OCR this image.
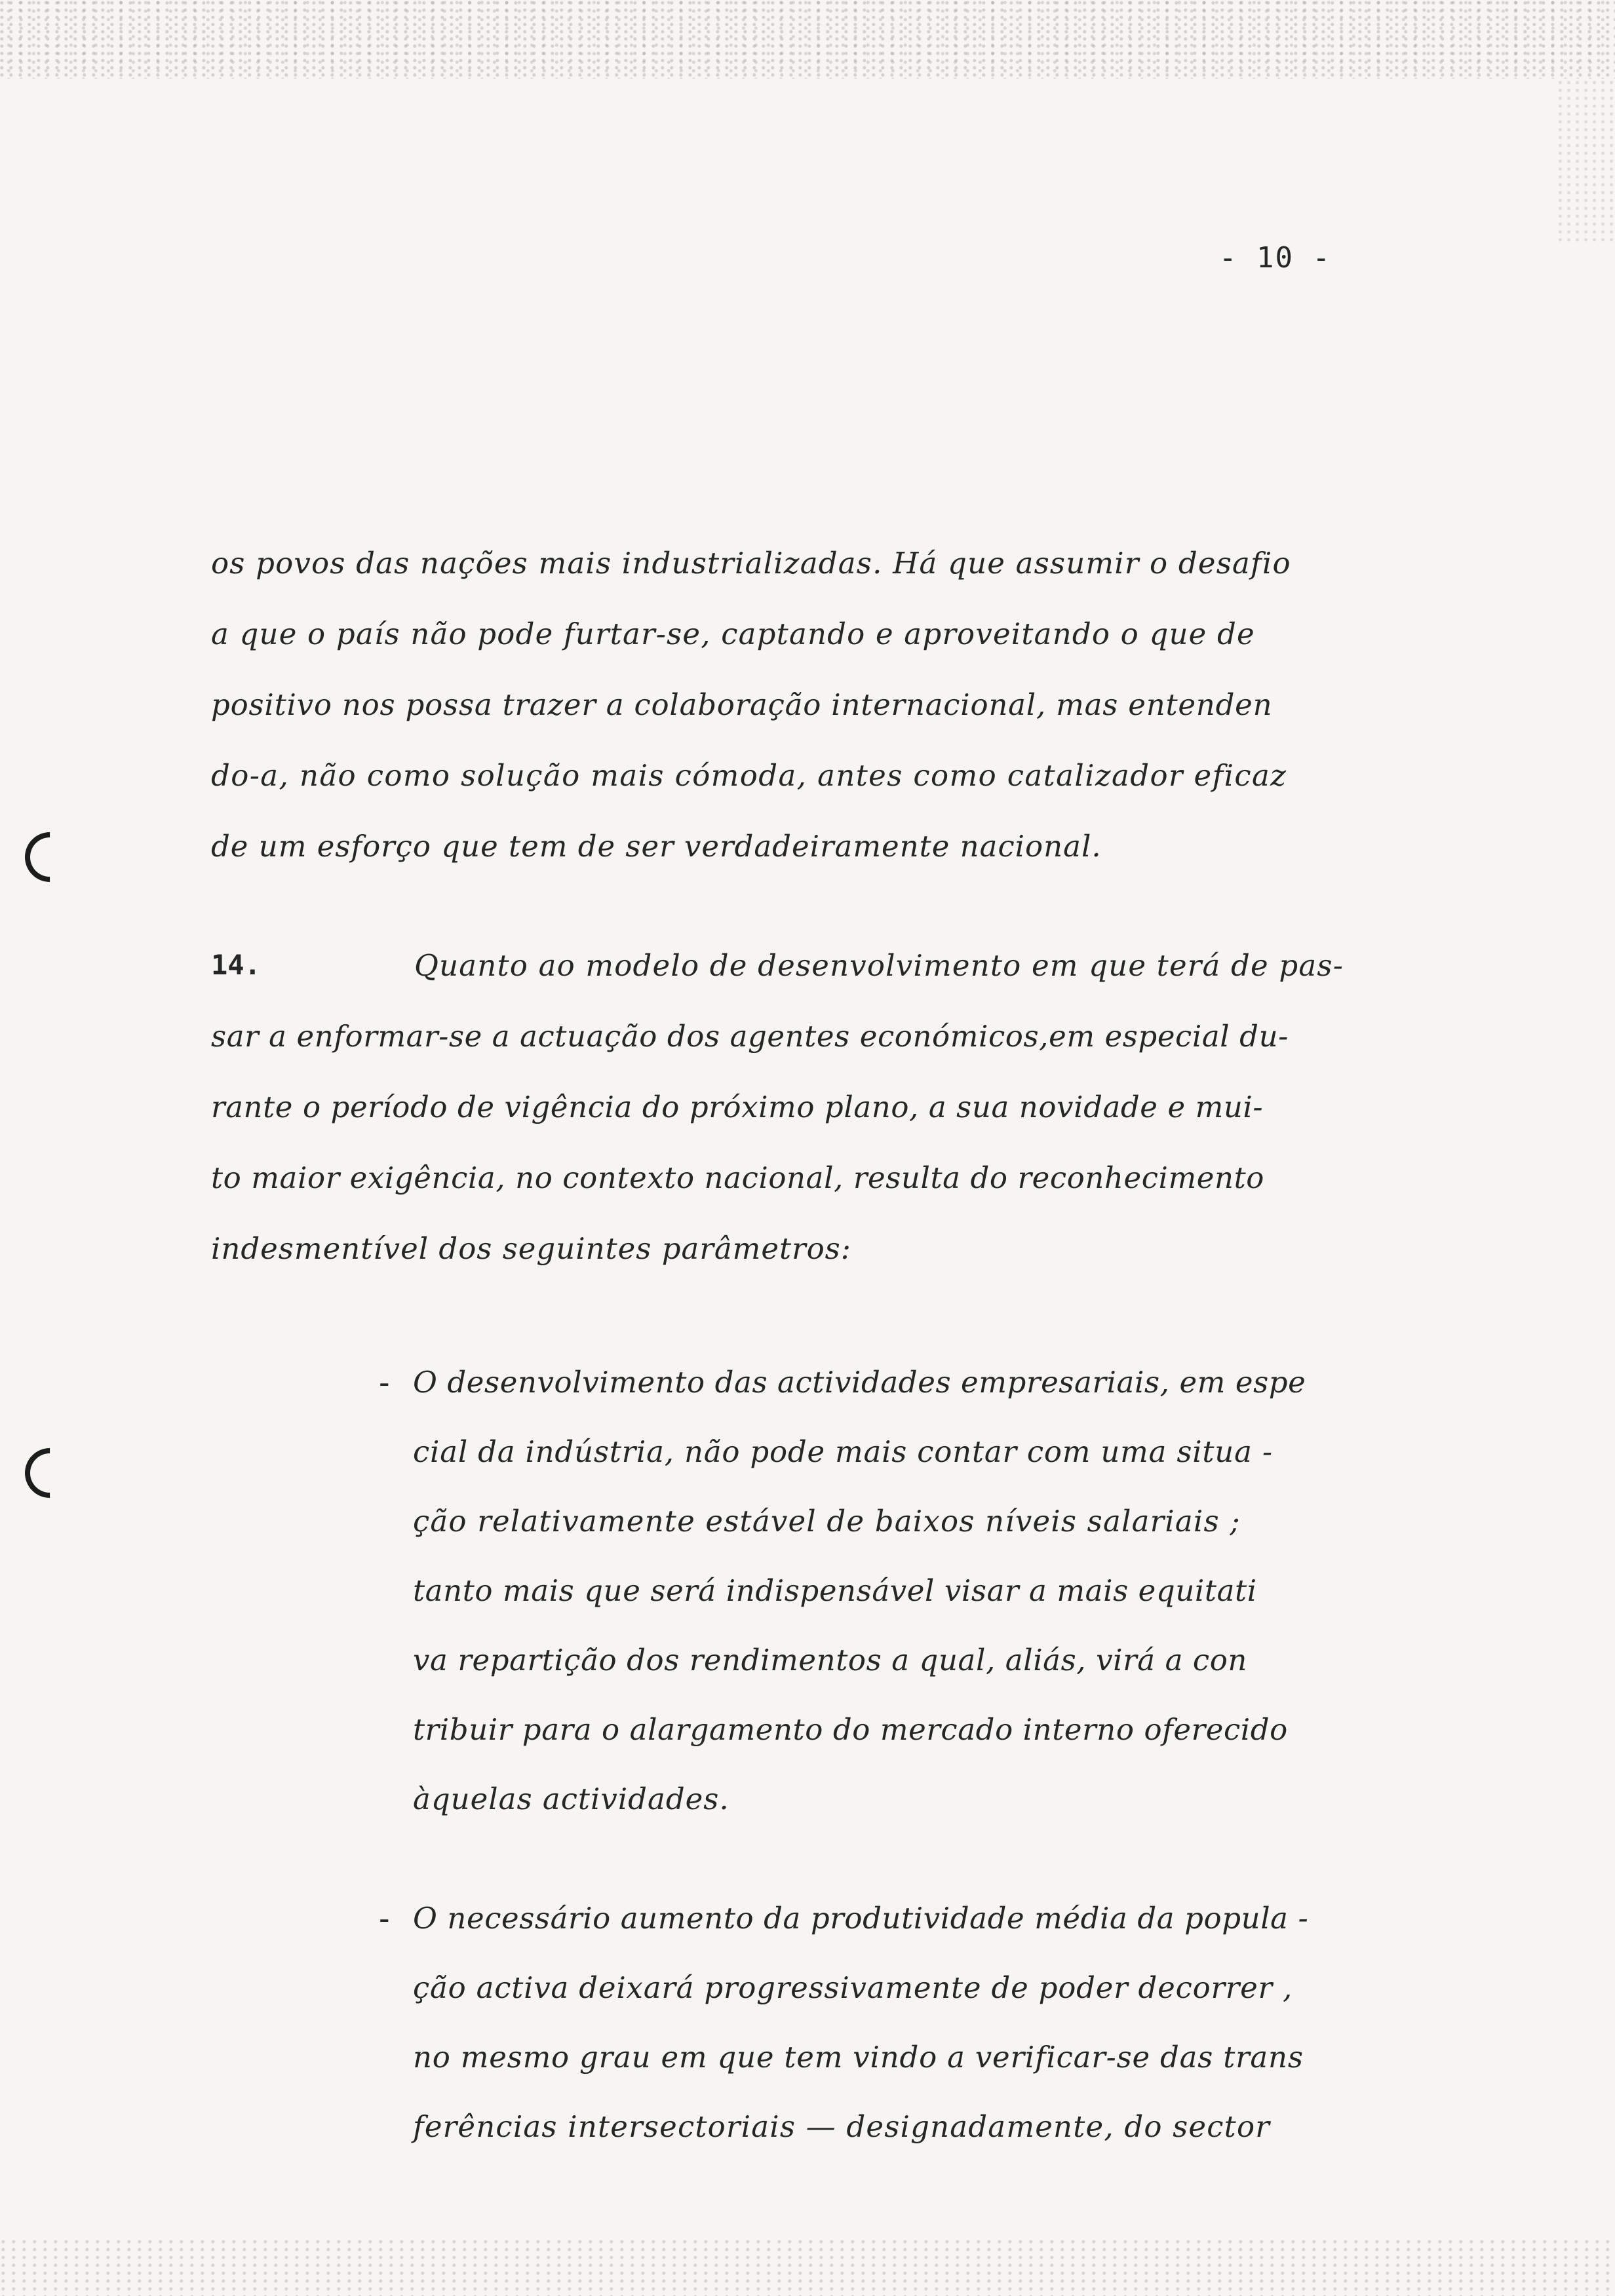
- 10 -
os povos das nações mais industrializadas. Há que assumir o desafio
a que o país não pode furtar-se, captando e aproveitando o que de
positivo nos possa trazer a colaboração internacional, mas entenden
do-a, não como solução mais cómoda, antes como catalizador eficaz
de um esforço que tem de ser verdadeiramente nacional.
14.	Quanto ao modelo de desenvolvimento em que terá de pas-
sar a enformar-se a actuação dos agentes económicos,em especial du-
rante o período de vigência do próximo plano, a sua novidade e mui-
to maior exigência, no contexto nacional, resulta do reconhecimento
indesmentível dos seguintes parâmetros:
- O desenvolvimento das actividades empresariais, em espe
cial da indústria, não pode mais contar com uma situa -
ção relativamente estável de baixos níveis salariais ;
tanto mais que será indispensável visar a mais equitati
va repartição dos rendimentos a qual, aliás, virá a con
tribuir para o alargamento do mercado interno oferecido
àquelas actividades.
- O necessário aumento da produtividade média da popula -
ção activa deixará progressivamente de poder decorrer ,
no mesmo grau em que tem vindo a verificar-se das trans
ferências intersectoriais — designadamente, do sector
